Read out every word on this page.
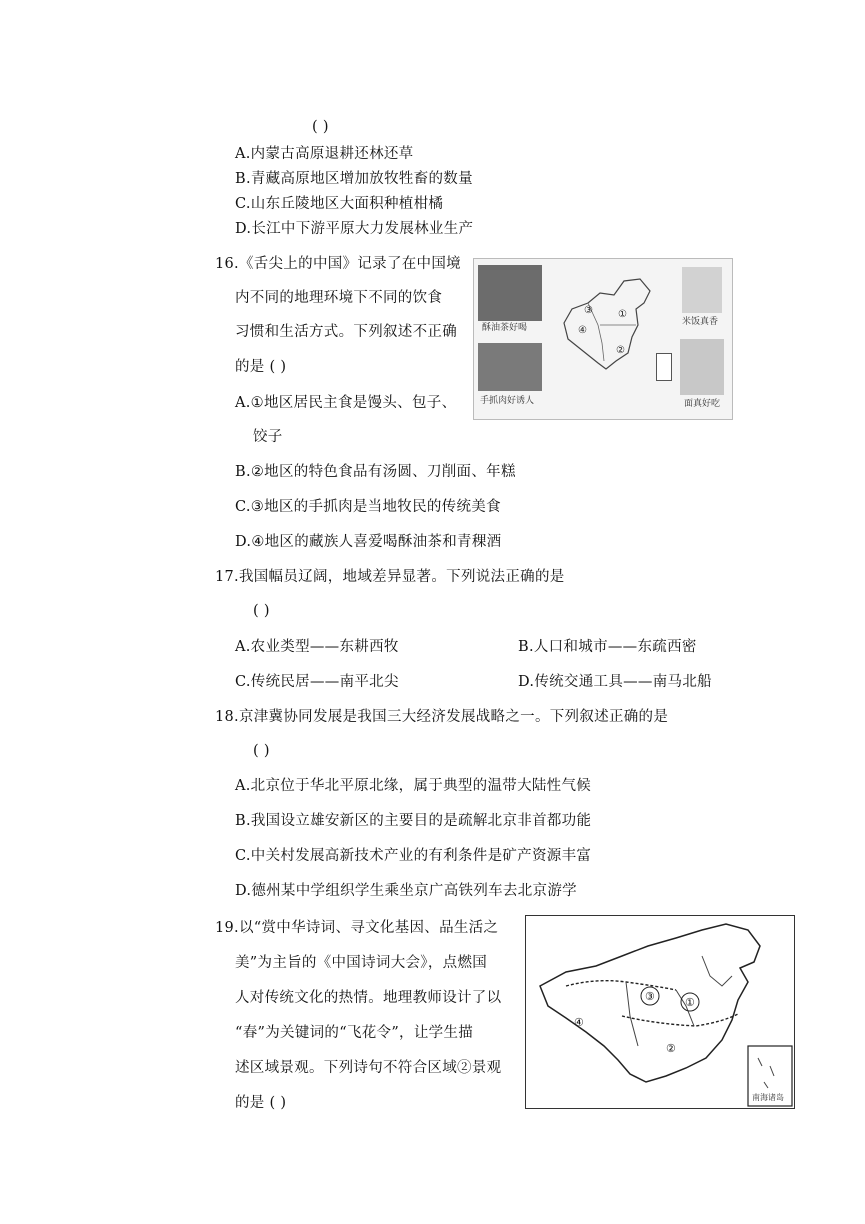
( )
A.内蒙古高原退耕还林还草
B.青藏高原地区增加放牧牲畜的数量
C.山东丘陵地区大面积种植柑橘
D.长江中下游平原大力发展林业生产
16.《舌尖上的中国》记录了在中国境
内不同的地理环境下不同的饮食
习惯和生活方式。下列叙述不正确
的是 ( )
A.①地区居民主食是馒头、包子、
饺子
B.②地区的特色食品有汤圆、刀削面、年糕
C.③地区的手抓肉是当地牧民的传统美食
D.④地区的藏族人喜爱喝酥油茶和青稞酒
酥油茶好喝
手抓肉好诱人
④
①
②
③
米饭真香
面真好吃
17.我国幅员辽阔，地域差异显著。下列说法正确的是
( )
A.农业类型——东耕西牧	B.人口和城市——东疏西密
C.传统民居——南平北尖	D.传统交通工具——南马北船
18.京津冀协同发展是我国三大经济发展战略之一。下列叙述正确的是
( )
A.北京位于华北平原北缘，属于典型的温带大陆性气候
B.我国设立雄安新区的主要目的是疏解北京非首都功能
C.中关村发展高新技术产业的有利条件是矿产资源丰富
D.德州某中学组织学生乘坐京广高铁列车去北京游学
19.以“赏中华诗词、寻文化基因、品生活之
美”为主旨的《中国诗词大会》，点燃国
人对传统文化的热情。地理教师设计了以
“春”为关键词的“飞花令”，让学生描
述区域景观。下列诗句不符合区域②景观
的是 ( )
③	①
④
②
南海诸岛
